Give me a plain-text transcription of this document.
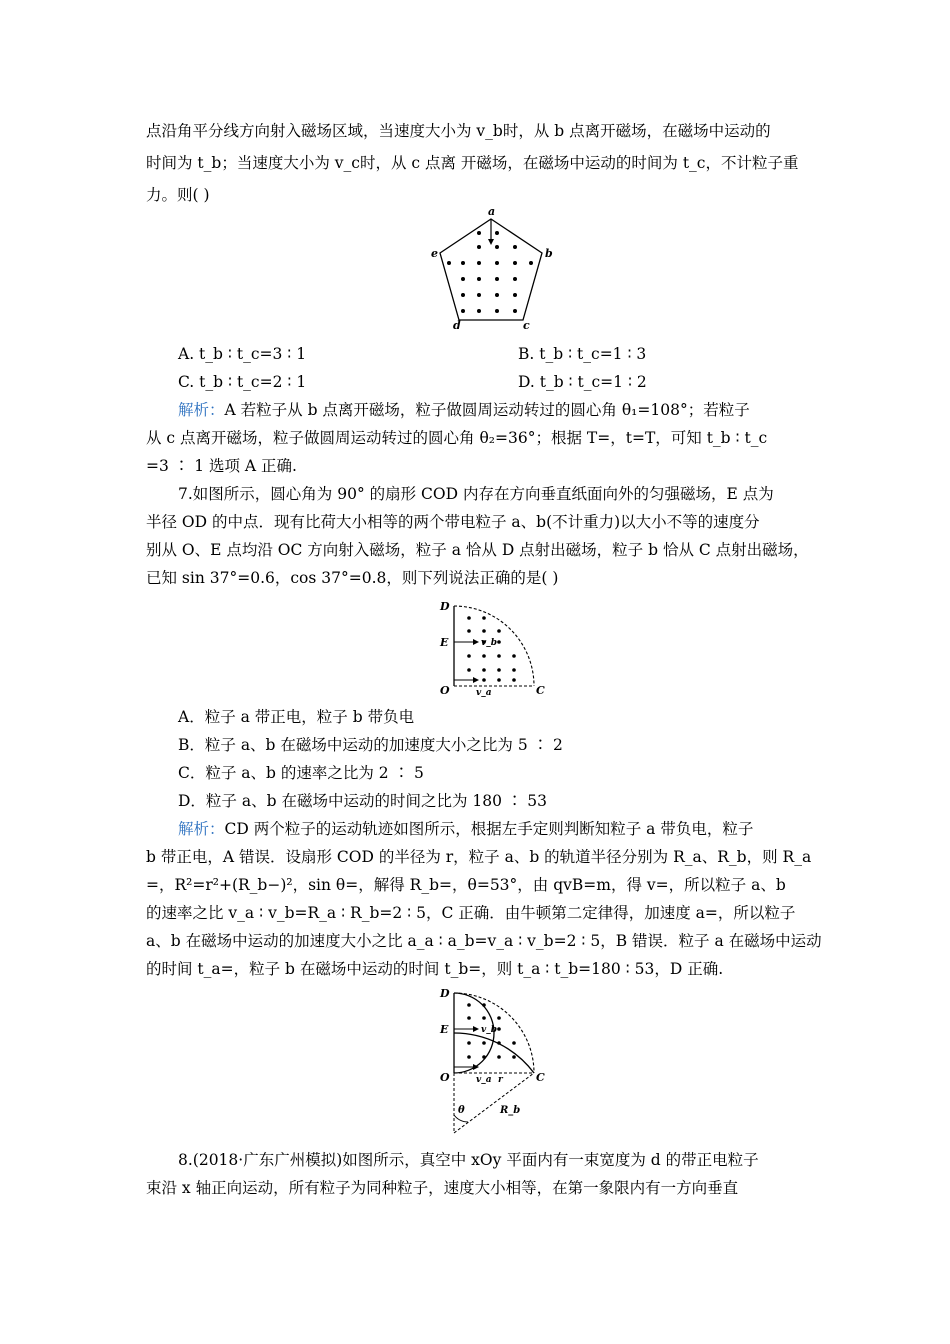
点沿角平分线方向射入磁场区域，当速度大小为 v_b时，从 b 点离开磁场，在磁场中运动的
时间为 t_b；当速度大小为 v_c时，从 c 点离 开磁场，在磁场中运动的时间为 t_c，不计粒子重
力。则( )
a
b
c
d
e
A. t_b ∶ t_c=3 ∶ 1	B. t_b ∶ t_c=1 ∶ 3
C. t_b ∶ t_c=2 ∶ 1	D. t_b ∶ t_c=1 ∶ 2
解析：A 若粒子从 b 点离开磁场，粒子做圆周运动转过的圆心角 θ₁=108°；若粒子
从 c 点离开磁场，粒子做圆周运动转过的圆心角 θ₂=36°；根据 T=，t=T，可知 t_b ∶ t_c
=3 ∶ 1 选项 A 正确.
7.如图所示，圆心角为 90° 的扇形 COD 内存在方向垂直纸面向外的匀强磁场，E 点为
半径 OD 的中点．现有比荷大小相等的两个带电粒子 a、b(不计重力)以大小不等的速度分
别从 O、E 点均沿 OC 方向射入磁场，粒子 a 恰从 D 点射出磁场，粒子 b 恰从 C 点射出磁场，
已知 sin 37°=0.6，cos 37°=0.8，则下列说法正确的是( )
D
E
O	C
v_b
v_a
A．粒子 a 带正电，粒子 b 带负电
B．粒子 a、b 在磁场中运动的加速度大小之比为 5 ∶ 2
C．粒子 a、b 的速率之比为 2 ∶ 5
D．粒子 a、b 在磁场中运动的时间之比为 180 ∶ 53
解析：CD 两个粒子的运动轨迹如图所示，根据左手定则判断知粒子 a 带负电，粒子
b 带正电，A 错误．设扇形 COD 的半径为 r，粒子 a、b 的轨道半径分别为 R_a、R_b，则 R_a
=，R²=r²+(R_b−)²，sin θ=，解得 R_b=，θ=53°，由 qvB=m，得 v=，所以粒子 a、b
的速率之比 v_a ∶ v_b=R_a ∶ R_b=2 ∶ 5，C 正确．由牛顿第二定律得，加速度 a=，所以粒子
a、b 在磁场中运动的加速度大小之比 a_a ∶ a_b=v_a ∶ v_b=2 ∶ 5，B 错误．粒子 a 在磁场中运动
的时间 t_a=，粒子 b 在磁场中运动的时间 t_b=，则 t_a ∶ t_b=180 ∶ 53，D 正确.
D
E
O	C
v_b
v_a r
R_b
θ
8.(2018·广东广州模拟)如图所示，真空中 xOy 平面内有一束宽度为 d 的带正电粒子
束沿 x 轴正向运动，所有粒子为同种粒子，速度大小相等，在第一象限内有一方向垂直
